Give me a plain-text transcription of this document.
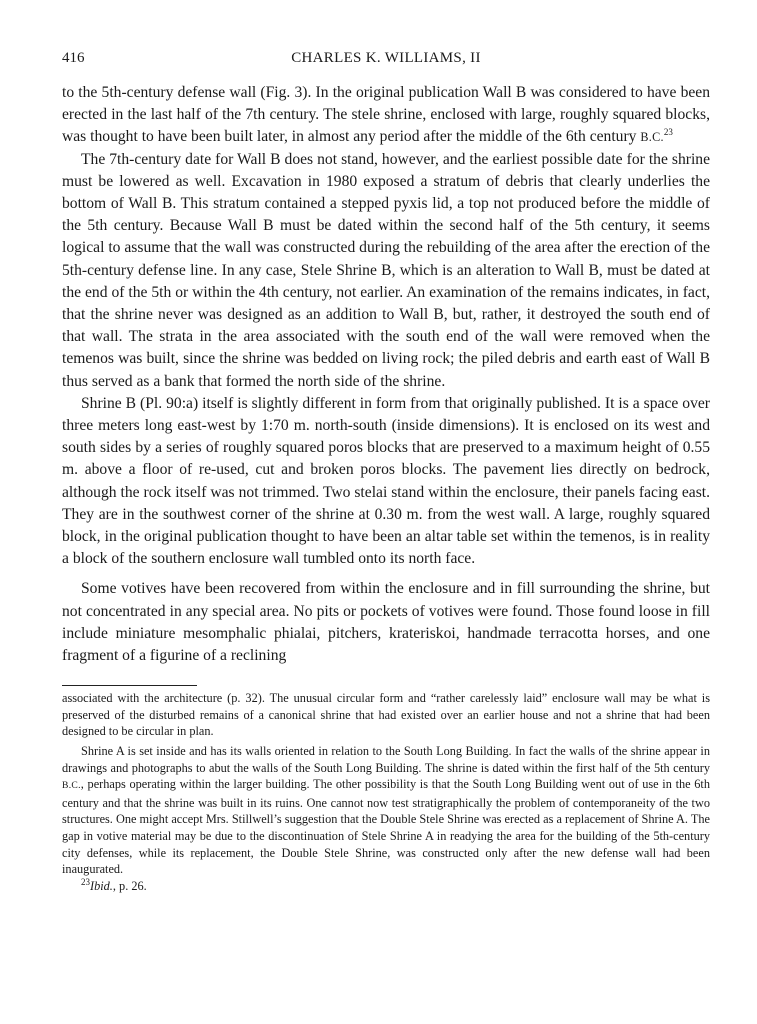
416	CHARLES K. WILLIAMS, II

to the 5th-century defense wall (Fig. 3). In the original publication Wall B was considered to have been erected in the last half of the 7th century. The stele shrine, enclosed with large, roughly squared blocks, was thought to have been built later, in almost any period after the middle of the 6th century B.C.$^{23}$

The 7th-century date for Wall B does not stand, however, and the earliest possible date for the shrine must be lowered as well. Excavation in 1980 exposed a stratum of debris that clearly underlies the bottom of Wall B. This stratum contained a stepped pyxis lid, a top not produced before the middle of the 5th century. Because Wall B must be dated within the second half of the 5th century, it seems logical to assume that the wall was constructed during the rebuilding of the area after the erection of the 5th-century defense line. In any case, Stele Shrine B, which is an alteration to Wall B, must be dated at the end of the 5th or within the 4th century, not earlier. An examination of the remains indicates, in fact, that the shrine never was designed as an addition to Wall B, but, rather, it destroyed the south end of that wall. The strata in the area associated with the south end of the wall were removed when the temenos was built, since the shrine was bedded on living rock; the piled debris and earth east of Wall B thus served as a bank that formed the north side of the shrine.

Shrine B (Pl. 90:a) itself is slightly different in form from that originally published. It is a space over three meters long east-west by 1:70 m. north-south (inside dimensions). It is enclosed on its west and south sides by a series of roughly squared poros blocks that are preserved to a maximum height of 0.55 m. above a floor of re-used, cut and broken poros blocks. The pavement lies directly on bedrock, although the rock itself was not trimmed. Two stelai stand within the enclosure, their panels facing east. They are in the southwest corner of the shrine at 0.30 m. from the west wall. A large, roughly squared block, in the original publication thought to have been an altar table set within the temenos, is in reality a block of the southern enclosure wall tumbled onto its north face.

Some votives have been recovered from within the enclosure and in fill surrounding the shrine, but not concentrated in any special area. No pits or pockets of votives were found. Those found loose in fill include miniature mesomphalic phialai, pitchers, krateriskoi, handmade terracotta horses, and one fragment of a figurine of a reclining

associated with the architecture (p. 32). The unusual circular form and “rather carelessly laid” enclosure wall may be what is preserved of the disturbed remains of a canonical shrine that had existed over an earlier house and not a shrine that had been designed to be circular in plan.

Shrine A is set inside and has its walls oriented in relation to the South Long Building. In fact the walls of the shrine appear in drawings and photographs to abut the walls of the South Long Building. The shrine is dated within the first half of the 5th century B.C., perhaps operating within the larger building. The other possibility is that the South Long Building went out of use in the 6th century and that the shrine was built in its ruins. One cannot now test stratigraphically the problem of contemporaneity of the two structures. One might accept Mrs. Stillwell’s suggestion that the Double Stele Shrine was erected as a replacement of Shrine A. The gap in votive material may be due to the discontinuation of Stele Shrine A in readying the area for the building of the 5th-century city defenses, while its replacement, the Double Stele Shrine, was constructed only after the new defense wall had been inaugurated.

$^{23}$Ibid., p. 26.
